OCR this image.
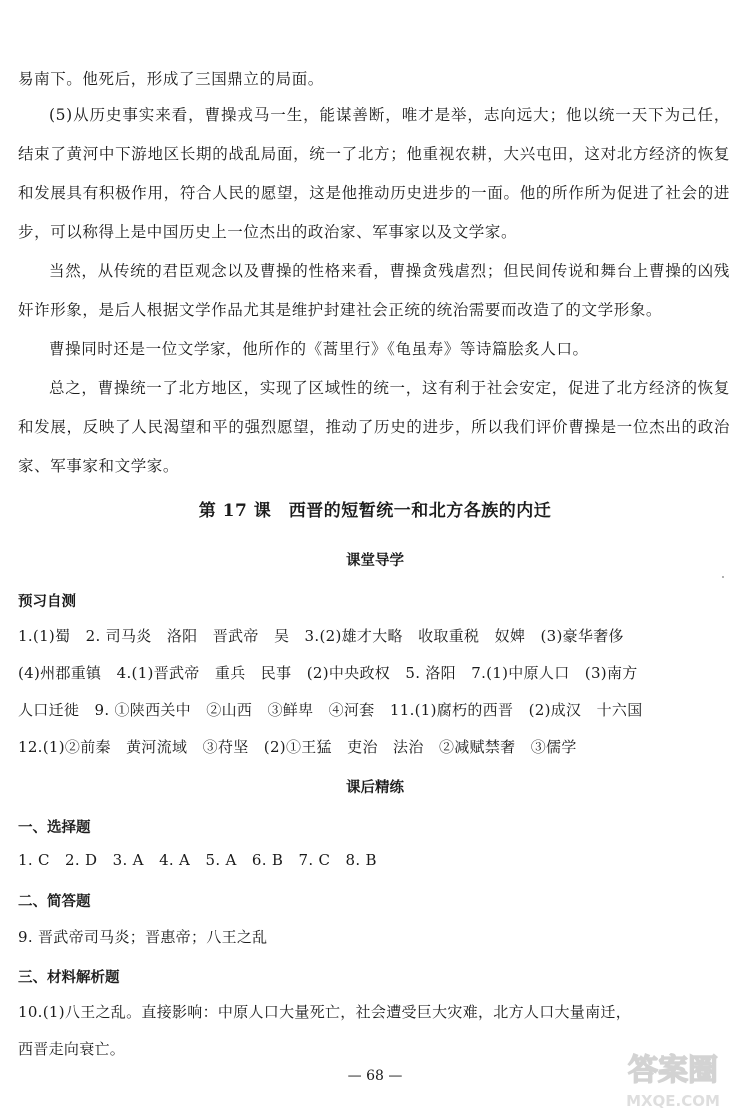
易南下。他死后，形成了三国鼎立的局面。

(5)从历史事实来看，曹操戎马一生，能谋善断，唯才是举，志向远大；他以统一天下为己任，结束了黄河中下游地区长期的战乱局面，统一了北方；他重视农耕，大兴屯田，这对北方经济的恢复和发展具有积极作用，符合人民的愿望，这是他推动历史进步的一面。他的所作所为促进了社会的进步，可以称得上是中国历史上一位杰出的政治家、军事家以及文学家。

当然，从传统的君臣观念以及曹操的性格来看，曹操贪残虐烈；但民间传说和舞台上曹操的凶残奸诈形象，是后人根据文学作品尤其是维护封建社会正统的统治需要而改造了的文学形象。

曹操同时还是一位文学家，他所作的《蒿里行》《龟虽寿》等诗篇脍炙人口。

总之，曹操统一了北方地区，实现了区域性的统一，这有利于社会安定，促进了北方经济的恢复和发展，反映了人民渴望和平的强烈愿望，推动了历史的进步，所以我们评价曹操是一位杰出的政治家、军事家和文学家。

第 17 课　西晋的短暂统一和北方各族的内迁
课堂导学
预习自测

1.(1)蜀　2. 司马炎　洛阳　晋武帝　吴　3.(2)雄才大略　收取重税　奴婢　(3)豪华奢侈

(4)州郡重镇　4.(1)晋武帝　重兵　民事　(2)中央政权　5. 洛阳　7.(1)中原人口　(3)南方

人口迁徙　9. ①陕西关中　②山西　③鲜卑　④河套　11.(1)腐朽的西晋　(2)成汉　十六国

12.(1)②前秦　黄河流域　③苻坚　(2)①王猛　吏治　法治　②减赋禁奢　③儒学

课后精练
一、选择题

1. C　2. D　3. A　4. A　5. A　6. B　7. C　8. B

二、简答题

9. 晋武帝司马炎；晋惠帝；八王之乱

三、材料解析题

10.(1)八王之乱。直接影响：中原人口大量死亡，社会遭受巨大灾难，北方人口大量南迁，

西晋走向衰亡。

— 68 —	答案圈
MXQE.COM
